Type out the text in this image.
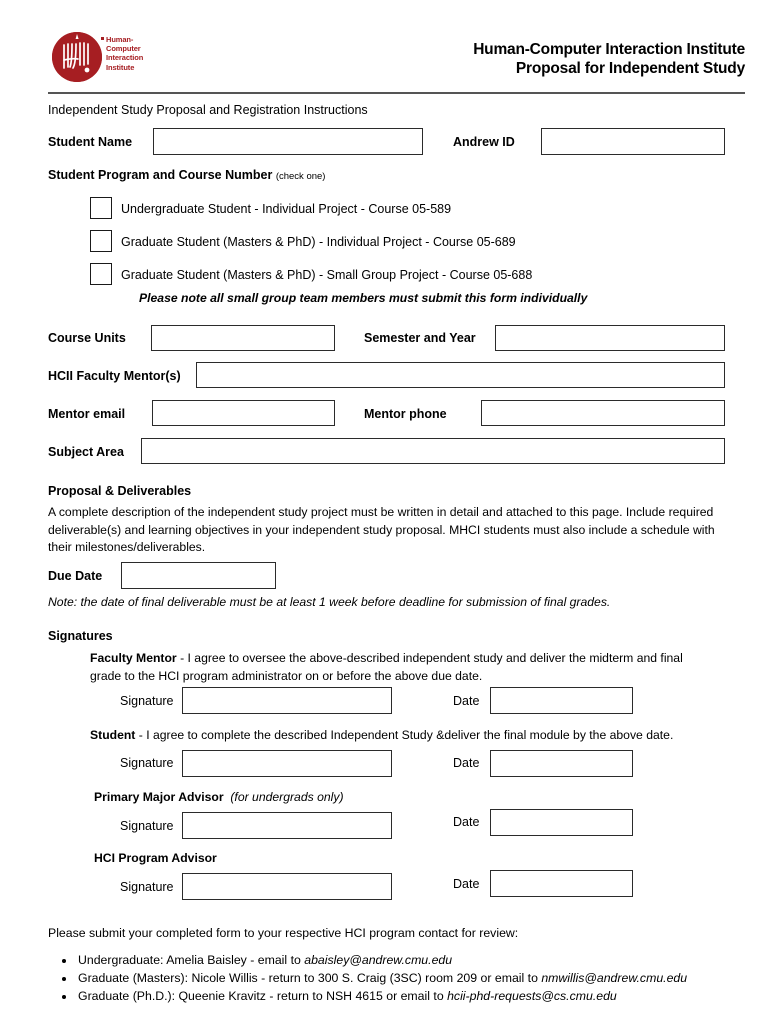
Human-
Computer
Interaction
Institute
Human-Computer Interaction Institute
Proposal for Independent Study
Independent Study Proposal and Registration Instructions
Student Name	Andrew ID
Student Program and Course Number (check one)
Undergraduate Student - Individual Project - Course 05-589
Graduate Student (Masters & PhD) - Individual Project - Course 05-689
Graduate Student (Masters & PhD) - Small Group Project - Course 05-688
Please note all small group team members must submit this form individually
Course Units	Semester and Year
HCII Faculty Mentor(s)
Mentor email	Mentor phone
Subject Area
Proposal & Deliverables
A complete description of the independent study project must be written in detail and attached to this page. Include required deliverable(s) and learning objectives in your independent study proposal. MHCI students must also include a schedule with their milestones/deliverables.
Due Date
Note: the date of final deliverable must be at least 1 week before deadline for submission of final grades.
Signatures
Faculty Mentor - I agree to oversee the above-described independent study and deliver the midterm and final grade to the HCI program administrator on or before the above due date.
Signature	Date
Student - I agree to complete the described Independent Study &deliver the final module by the above date.
Signature	Date
Primary Major Advisor (for undergrads only)
Signature	Date
HCI Program Advisor
Signature	Date
Please submit your completed form to your respective HCI program contact for review:
Undergraduate: Amelia Baisley - email to abaisley@andrew.cmu.edu
Graduate (Masters): Nicole Willis - return to 300 S. Craig (3SC) room 209 or email to nmwillis@andrew.cmu.edu
Graduate (Ph.D.): Queenie Kravitz - return to NSH 4615 or email to hcii-phd-requests@cs.cmu.edu
